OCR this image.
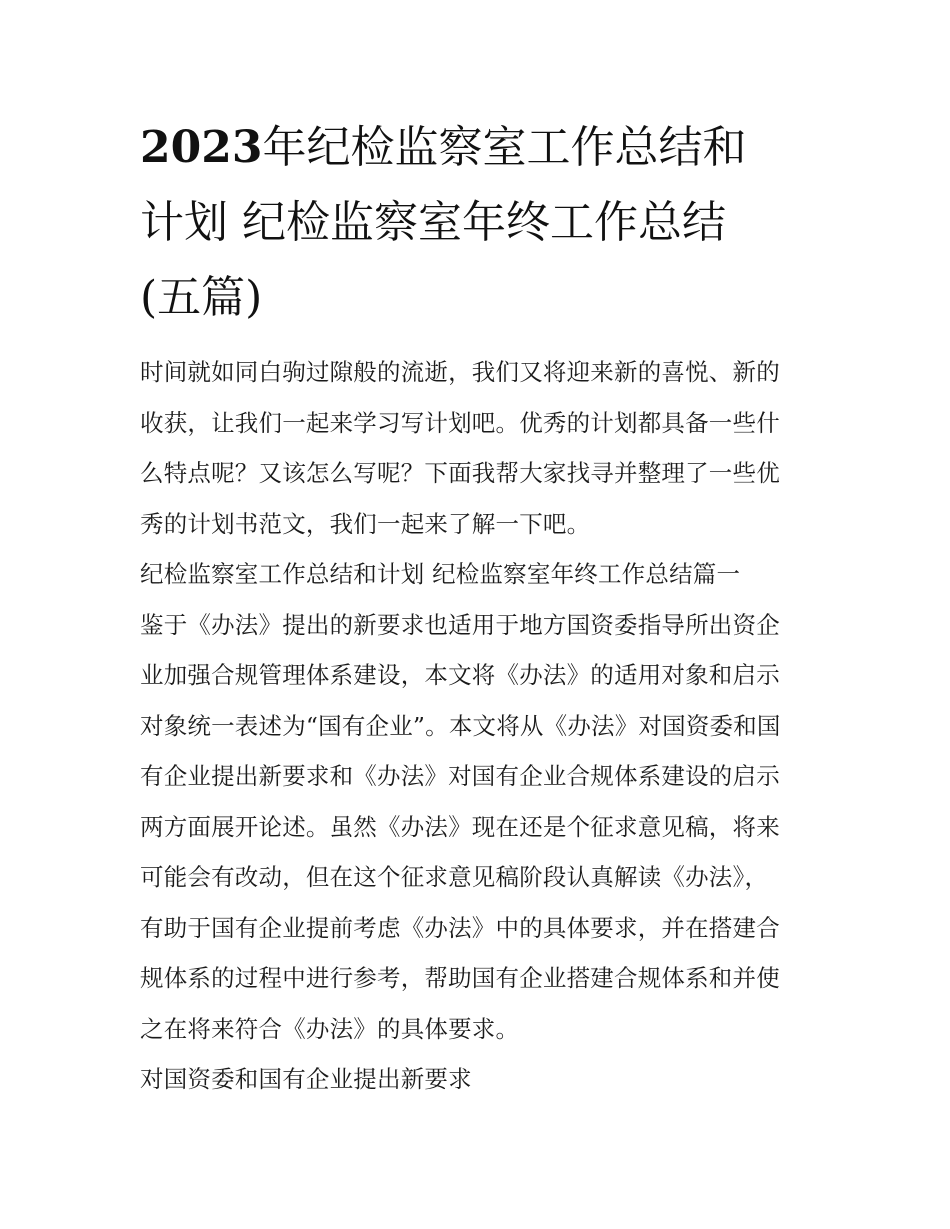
2023年纪检监察室工作总结和
计划 纪检监察室年终工作总结
(五篇)
时间就如同白驹过隙般的流逝，我们又将迎来新的喜悦、新的
收获，让我们一起来学习写计划吧。优秀的计划都具备一些什
么特点呢？又该怎么写呢？下面我帮大家找寻并整理了一些优
秀的计划书范文，我们一起来了解一下吧。
纪检监察室工作总结和计划 纪检监察室年终工作总结篇一
鉴于《办法》提出的新要求也适用于地方国资委指导所出资企
业加强合规管理体系建设，本文将《办法》的适用对象和启示
对象统一表述为“国有企业”。本文将从《办法》对国资委和国
有企业提出新要求和《办法》对国有企业合规体系建设的启示
两方面展开论述。虽然《办法》现在还是个征求意见稿，将来
可能会有改动，但在这个征求意见稿阶段认真解读《办法》，
有助于国有企业提前考虑《办法》中的具体要求，并在搭建合
规体系的过程中进行参考，帮助国有企业搭建合规体系和并使
之在将来符合《办法》的具体要求。
对国资委和国有企业提出新要求
